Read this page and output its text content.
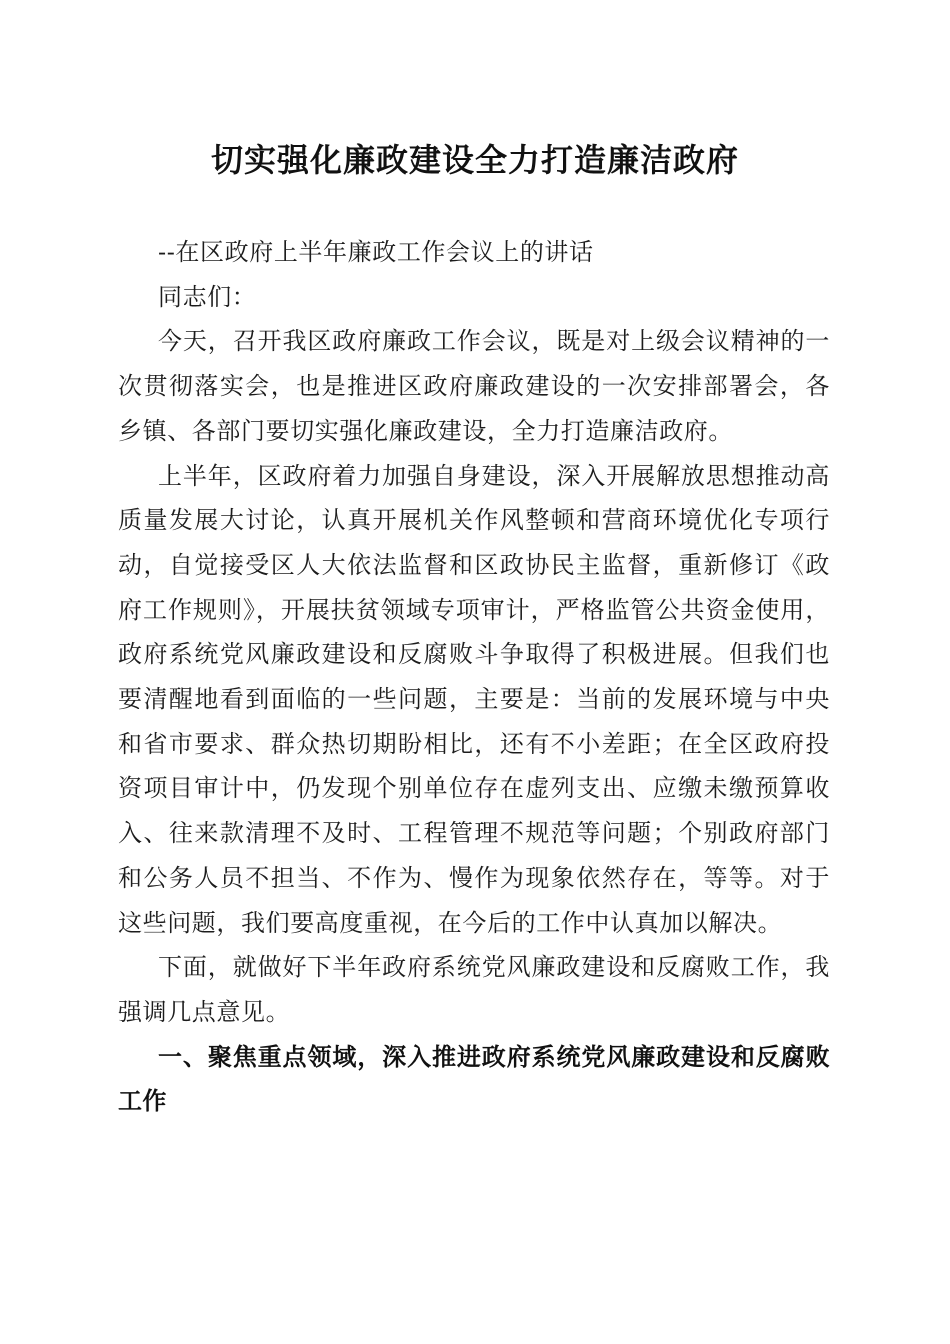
切实强化廉政建设全力打造廉洁政府

--在区政府上半年廉政工作会议上的讲话

同志们：

今天，召开我区政府廉政工作会议，既是对上级会议精神的一次贯彻落实会，也是推进区政府廉政建设的一次安排部署会，各乡镇、各部门要切实强化廉政建设，全力打造廉洁政府。

上半年，区政府着力加强自身建设，深入开展解放思想推动高质量发展大讨论，认真开展机关作风整顿和营商环境优化专项行动，自觉接受区人大依法监督和区政协民主监督，重新修订《政府工作规则》，开展扶贫领域专项审计，严格监管公共资金使用，政府系统党风廉政建设和反腐败斗争取得了积极进展。但我们也要清醒地看到面临的一些问题，主要是：当前的发展环境与中央和省市要求、群众热切期盼相比，还有不小差距；在全区政府投资项目审计中，仍发现个别单位存在虚列支出、应缴未缴预算收入、往来款清理不及时、工程管理不规范等问题；个别政府部门和公务人员不担当、不作为、慢作为现象依然存在，等等。对于这些问题，我们要高度重视，在今后的工作中认真加以解决。

下面，就做好下半年政府系统党风廉政建设和反腐败工作，我强调几点意见。

一、聚焦重点领域，深入推进政府系统党风廉政建设和反腐败工作
